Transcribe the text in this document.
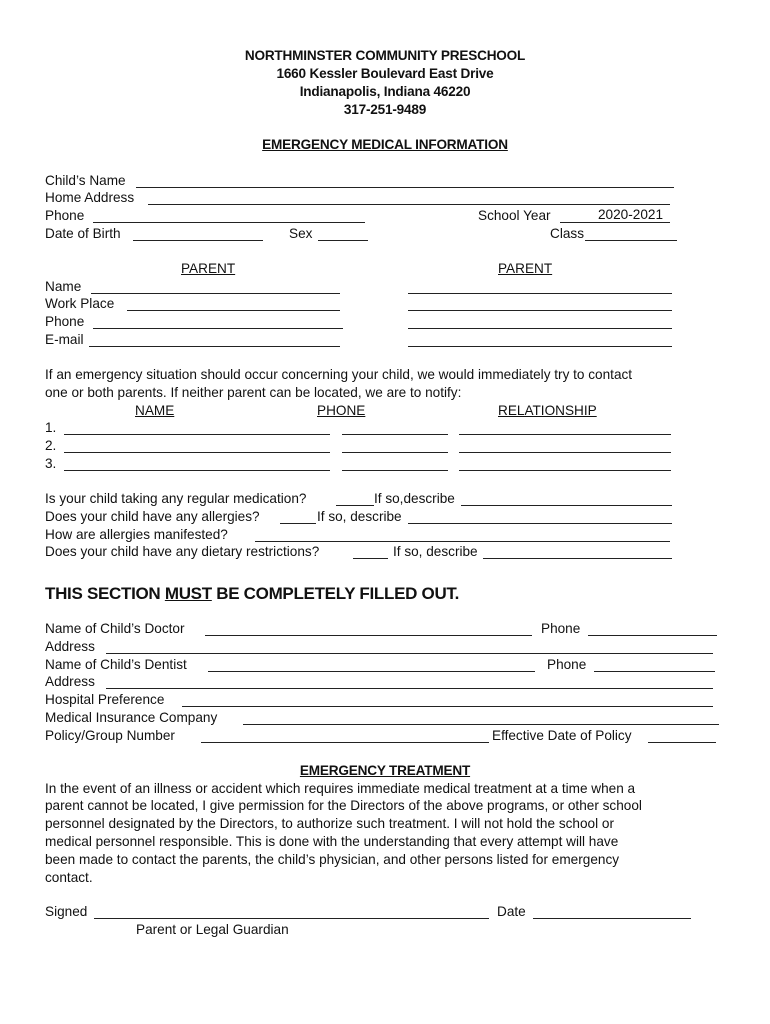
NORTHMINSTER COMMUNITY PRESCHOOL
1660 Kessler Boulevard East Drive
Indianapolis, Indiana 46220
317-251-9489
EMERGENCY MEDICAL INFORMATION
Child’s Name
Home Address
Phone	School Year	2020-2021
Date of Birth	Sex	Class
PARENT	PARENT
Name
Work Place
Phone
E-mail
If an emergency situation should occur concerning your child, we would immediately try to contact
one or both parents. If neither parent can be located, we are to notify:
NAME	PHONE	RELATIONSHIP
1.
2.
3.
Is your child taking any regular medication?	If so,describe
Does your child have any allergies?	If so, describe
How are allergies manifested?
Does your child have any dietary restrictions?	If so, describe
THIS SECTION MUST BE COMPLETELY FILLED OUT.
Name of Child’s Doctor	Phone
Address
Name of Child’s Dentist	Phone
Address
Hospital Preference
Medical Insurance Company
Policy/Group Number	Effective Date of Policy
EMERGENCY TREATMENT
In the event of an illness or accident which requires immediate medical treatment at a time when a
parent cannot be located, I give permission for the Directors of the above programs, or other school
personnel designated by the Directors, to authorize such treatment. I will not hold the school or
medical personnel responsible. This is done with the understanding that every attempt will have
been made to contact the parents, the child’s physician, and other persons listed for emergency
contact.
Signed	Date
Parent or Legal Guardian
